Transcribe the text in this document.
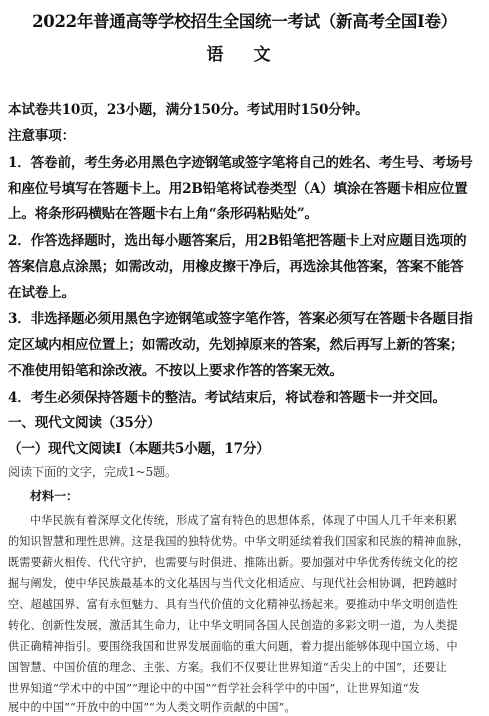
2022年普通高等学校招生全国统一考试（新高考全国Ⅰ卷）
语 文
本试卷共10页，23小题，满分150分。考试用时150分钟。
注意事项：
1．答卷前，考生务必用黑色字迹钢笔或签字笔将自己的姓名、考生号、考场号
和座位号填写在答题卡上。用2B铅笔将试卷类型（A）填涂在答题卡相应位置
上。将条形码横贴在答题卡右上角“条形码粘贴处”。
2．作答选择题时，选出每小题答案后，用2B铅笔把答题卡上对应题目选项的
答案信息点涂黑；如需改动，用橡皮擦干净后，再选涂其他答案，答案不能答
在试卷上。
3．非选择题必须用黑色字迹钢笔或签字笔作答，答案必须写在答题卡各题目指
定区域内相应位置上；如需改动，先划掉原来的答案，然后再写上新的答案；
不准使用铅笔和涂改液。不按以上要求作答的答案无效。
4．考生必须保持答题卡的整洁。考试结束后，将试卷和答题卡一并交回。
一、现代文阅读（35分）
（一）现代文阅读Ⅰ（本题共5小题，17分）
阅读下面的文字，完成1~5题。
材料一：
中华民族有着深厚文化传统，形成了富有特色的思想体系，体现了中国人几千年来积累
的知识智慧和理性思辨。这是我国的独特优势。中华文明延续着我们国家和民族的精神血脉，
既需要薪火相传、代代守护，也需要与时俱进、推陈出新。要加强对中华优秀传统文化的挖
掘与阐发，使中华民族最基本的文化基因与当代文化相适应、与现代社会相协调，把跨越时
空、超越国界、富有永恒魅力、具有当代价值的文化精神弘扬起来。要推动中华文明创造性
转化、创新性发展，激活其生命力，让中华文明同各国人民创造的多彩文明一道，为人类提
供正确精神指引。要围绕我国和世界发展面临的重大问题，着力提出能够体现中国立场、中
国智慧、中国价值的理念、主张、方案。我们不仅要让世界知道“舌尖上的中国”，还要让
世界知道“学术中的中国”“理论中的中国”“哲学社会科学中的中国”，让世界知道“发
展中的中国”“开放中的中国”“为人类文明作贡献的中国”。
